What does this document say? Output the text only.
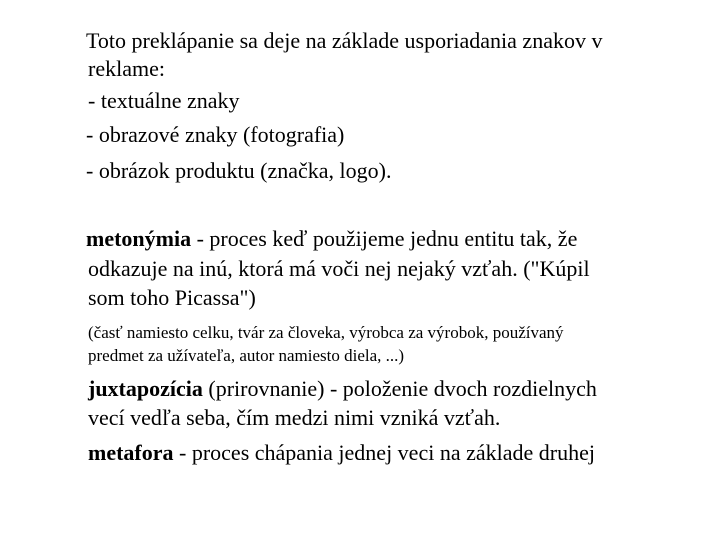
Toto preklápanie sa deje na základe usporiadania znakov v
reklame:
- textuálne znaky
- obrazové znaky (fotografia)
- obrázok produktu (značka, logo).
metonýmia - proces keď použijeme jednu entitu tak, že
odkazuje na inú, ktorá má voči nej nejaký vzťah. ("Kúpil
som toho Picassa")
(časť namiesto celku, tvár za človeka, výrobca za výrobok, používaný
predmet za užívateľa, autor namiesto diela, ...)
juxtapozícia (prirovnanie) - položenie dvoch rozdielnych
vecí vedľa seba, čím medzi nimi vzniká vzťah.
metafora - proces chápania jednej veci na základe druhej
